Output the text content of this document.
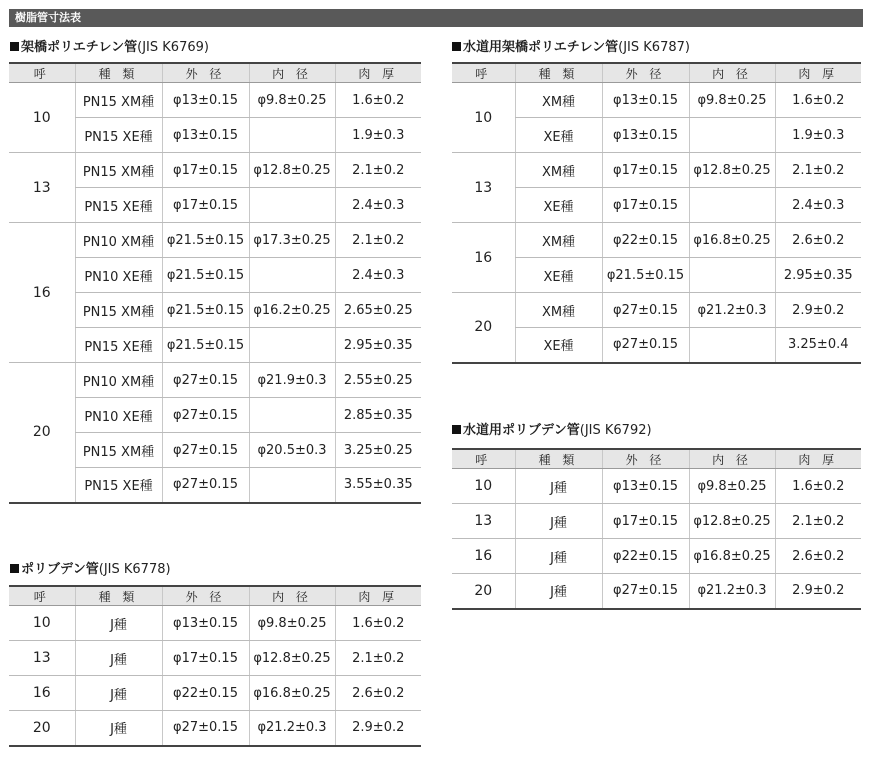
樹脂管寸法表
架橋ポリエチレン管(JIS K6769)
呼	種 類	外 径	内 径	肉 厚
10	PN15 XM種	φ13±0.15	φ9.8±0.25	1.6±0.2
	PN15 XE種	φ13±0.15		1.9±0.3
13	PN15 XM種	φ17±0.15	φ12.8±0.25	2.1±0.2
	PN15 XE種	φ17±0.15		2.4±0.3
16	PN10 XM種	φ21.5±0.15	φ17.3±0.25	2.1±0.2
	PN10 XE種	φ21.5±0.15		2.4±0.3
	PN15 XM種	φ21.5±0.15	φ16.2±0.25	2.65±0.25
	PN15 XE種	φ21.5±0.15		2.95±0.35
20	PN10 XM種	φ27±0.15	φ21.9±0.3	2.55±0.25
	PN10 XE種	φ27±0.15		2.85±0.35
	PN15 XM種	φ27±0.15	φ20.5±0.3	3.25±0.25
	PN15 XE種	φ27±0.15		3.55±0.35
ポリブデン管(JIS K6778)
呼	種 類	外 径	内 径	肉 厚
10	J種	φ13±0.15	φ9.8±0.25	1.6±0.2
13	J種	φ17±0.15	φ12.8±0.25	2.1±0.2
16	J種	φ22±0.15	φ16.8±0.25	2.6±0.2
20	J種	φ27±0.15	φ21.2±0.3	2.9±0.2
水道用架橋ポリエチレン管(JIS K6787)
呼	種 類	外 径	内 径	肉 厚
10	XM種	φ13±0.15	φ9.8±0.25	1.6±0.2
	XE種	φ13±0.15		1.9±0.3
13	XM種	φ17±0.15	φ12.8±0.25	2.1±0.2
	XE種	φ17±0.15		2.4±0.3
16	XM種	φ22±0.15	φ16.8±0.25	2.6±0.2
	XE種	φ21.5±0.15		2.95±0.35
20	XM種	φ27±0.15	φ21.2±0.3	2.9±0.2
	XE種	φ27±0.15		3.25±0.4
水道用ポリブデン管(JIS K6792)
呼	種 類	外 径	内 径	肉 厚
10	J種	φ13±0.15	φ9.8±0.25	1.6±0.2
13	J種	φ17±0.15	φ12.8±0.25	2.1±0.2
16	J種	φ22±0.15	φ16.8±0.25	2.6±0.2
20	J種	φ27±0.15	φ21.2±0.3	2.9±0.2
